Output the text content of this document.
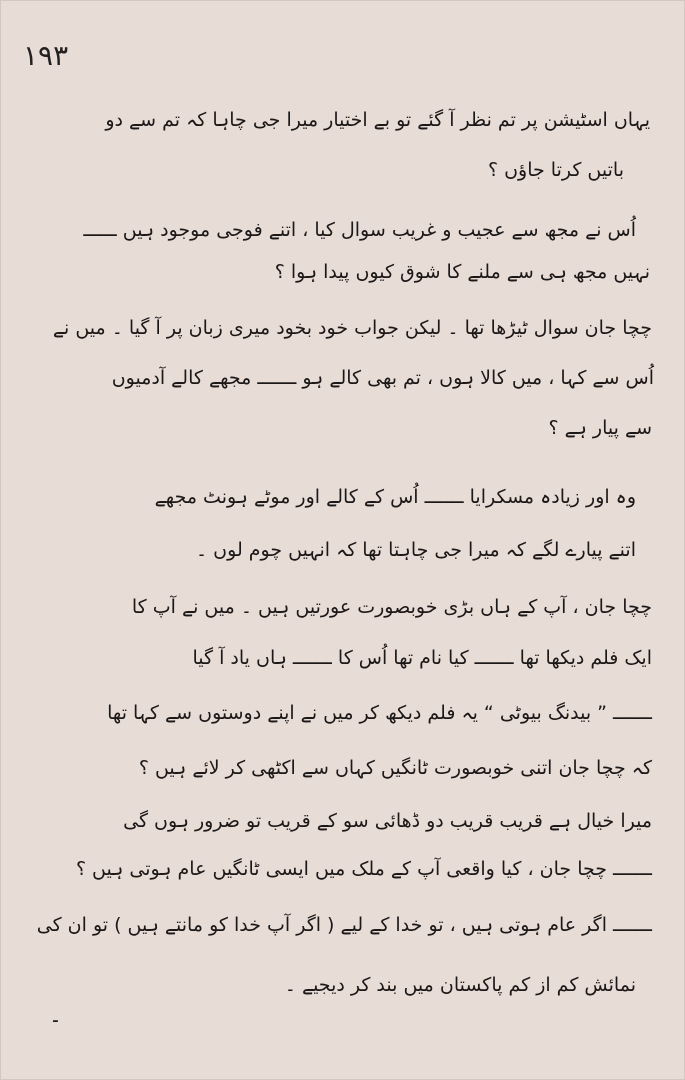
۱۹۳
یہاں اسٹیشن پر تم نظر آ گئے تو بے اختیار میرا جی چاہا کہ تم سے دو
باتیں کرتا جاؤں ؟
اُس نے مجھ سے عجیب و غریب سوال کیا ، اتنے فوجی موجود ہیں ــــــ
نہیں مجھ ہی سے ملنے کا شوق کیوں پیدا ہوا ؟
چچا جان سوال ٹیڑھا تھا ۔ لیکن جواب خود بخود میری زبان پر آ گیا ۔ میں نے
اُس سے کہا ، میں کالا ہوں ، تم بھی کالے ہو ـــــــ مجھے کالے آدمیوں
سے پیار ہے ؟
وہ اور زیادہ مسکرایا ـــــــ اُس کے کالے اور موٹے ہونٹ مجھے
اتنے پیارے لگے کہ میرا جی چاہتا تھا کہ انہیں چوم لوں ۔
چچا جان ، آپ کے ہاں بڑی خوبصورت عورتیں ہیں ۔ میں نے آپ کا
ایک فلم دیکھا تھا ـــــــ کیا نام تھا اُس کا ـــــــ ہاں یاد آ گیا
ـــــــ ” بیدنگ بیوٹی “ یہ فلم دیکھ کر میں نے اپنے دوستوں سے کہا تھا
کہ چچا جان اتنی خوبصورت ٹانگیں کہاں سے اکٹھی کر لائے ہیں ؟
میرا خیال ہے قریب قریب دو ڈھائی سو کے قریب تو ضرور ہوں گی
ـــــــ چچا جان ، کیا واقعی آپ کے ملک میں ایسی ٹانگیں عام ہوتی ہیں ؟
ـــــــ اگر عام ہوتی ہیں ، تو خدا کے لیے ( اگر آپ خدا کو مانتے ہیں ) تو ان کی
نمائش کم از کم پاکستان میں بند کر دیجیے ۔
۔
